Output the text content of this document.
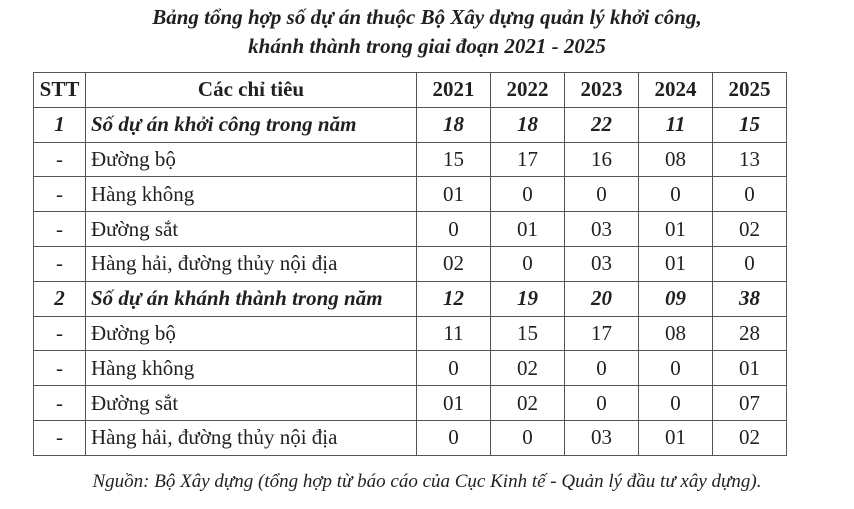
Bảng tổng hợp số dự án thuộc Bộ Xây dựng quản lý khởi công,
khánh thành trong giai đoạn 2021 - 2025
STT	Các chỉ tiêu	2021	2022	2023	2024	2025
1	Số dự án khởi công trong năm	18	18	22	11	15
-	Đường bộ	15	17	16	08	13
-	Hàng không	01	0	0	0	0
-	Đường sắt	0	01	03	01	02
-	Hàng hải, đường thủy nội địa	02	0	03	01	0
2	Số dự án khánh thành trong năm	12	19	20	09	38
-	Đường bộ	11	15	17	08	28
-	Hàng không	0	02	0	0	01
-	Đường sắt	01	02	0	0	07
-	Hàng hải, đường thủy nội địa	0	0	03	01	02
Nguồn: Bộ Xây dựng (tổng hợp từ báo cáo của Cục Kinh tế - Quản lý đầu tư xây dựng).
